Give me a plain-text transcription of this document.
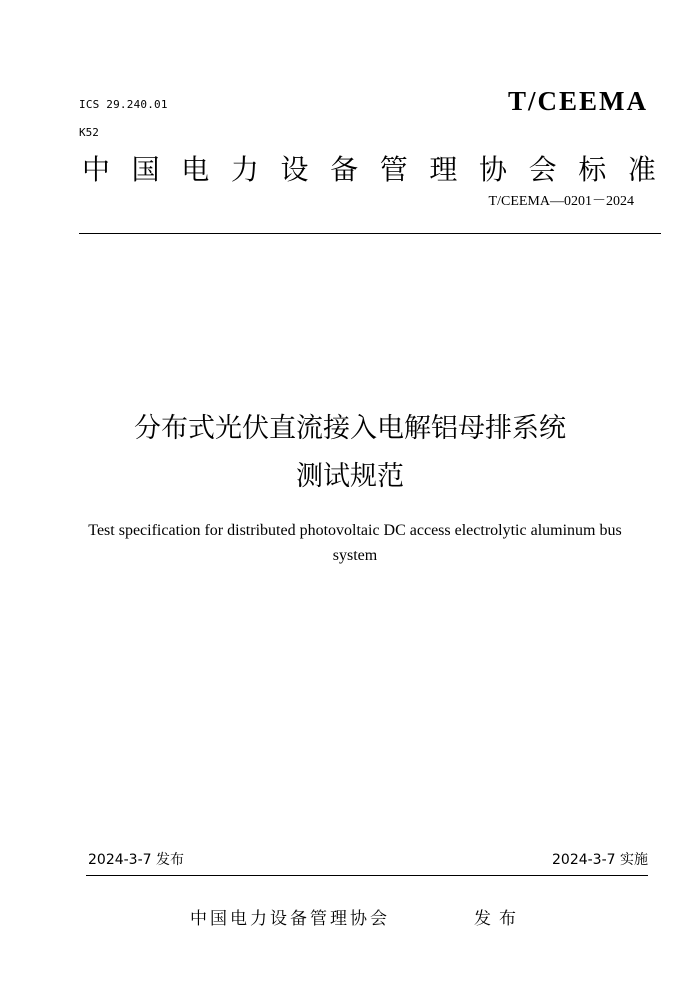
ICS 29.240.01

K52

T/CEEMA

中 国 电 力 设 备 管 理 协 会 标 准

T/CEEMA—0201－2024

分布式光伏直流接入电解铝母排系统

测试规范

Test specification for distributed photovoltaic DC access electrolytic aluminum bus system

2024-3-7 发布	2024-3-7 实施

中国电力设备管理协会	发布
